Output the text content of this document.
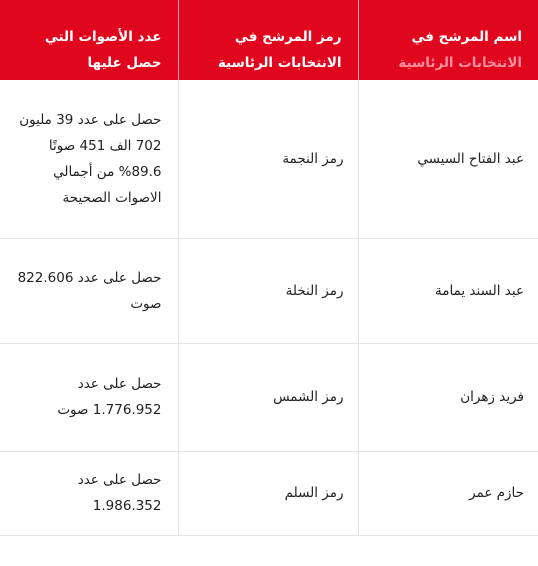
اسم المرشح في
الانتخابات الرئاسية	رمز المرشح في الانتخابات الرئاسية	عدد الأصوات التي حصل عليها
عبد الفتاح السيسي	رمز النجمة	حصل على عدد 39 مليون 702 الف 451 صوتًا 89.6% من أجمالي الاصوات الصحيحة
عبد السند يمامة	رمز النخلة	حصل على عدد 822.606 صوت
فريد زهران	رمز الشمس	حصل على عدد 1.776.952 صوت
حازم عمر	رمز السلم	حصل على عدد 1.986.352
